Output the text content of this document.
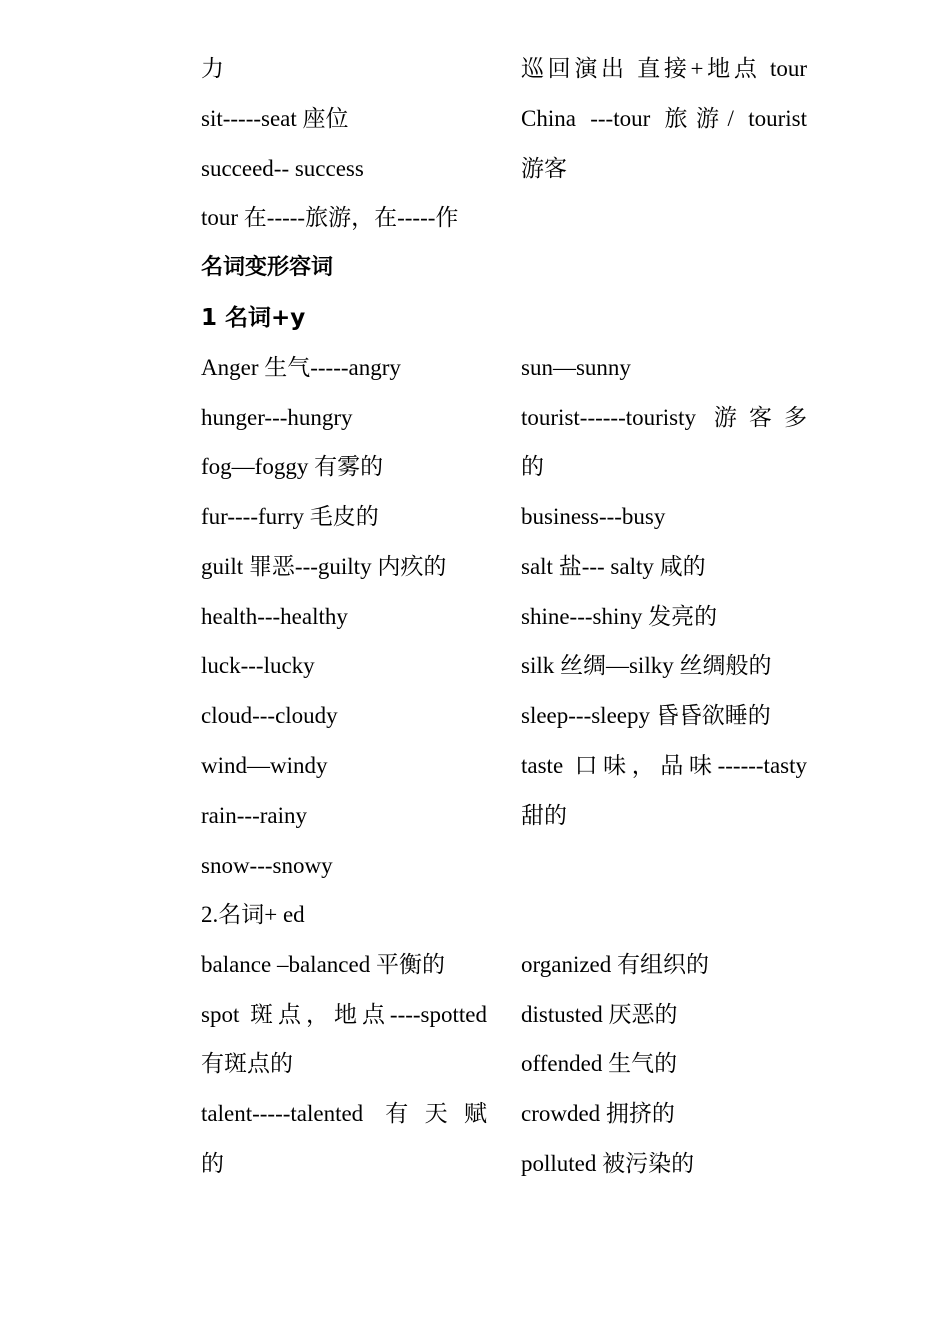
力
sit-----seat 座位
succeed-- success
tour 在-----旅游，在-----作
巡回演出 直接+地点 tour
China ---tour 旅游/ tourist
游客
名词变形容词
1 名词+y
Anger 生气-----angry
hunger---hungry
fog—foggy 有雾的
fur----furry 毛皮的
guilt 罪恶---guilty 内疚的
health---healthy
luck---lucky
cloud---cloudy
wind—windy
rain---rainy
snow---snowy
sun—sunny
tourist------touristy 游客多
的
business---busy
salt 盐--- salty 咸的
shine---shiny 发亮的
silk 丝绸—silky 丝绸般的
sleep---sleepy 昏昏欲睡的
taste 口味，品味------tasty
甜的
2.名词+ ed
balance –balanced 平衡的
spot 斑点，地点----spotted
有斑点的
talent-----talented 有天赋
的
organized 有组织的
distusted 厌恶的
offended 生气的
crowded 拥挤的
polluted 被污染的
